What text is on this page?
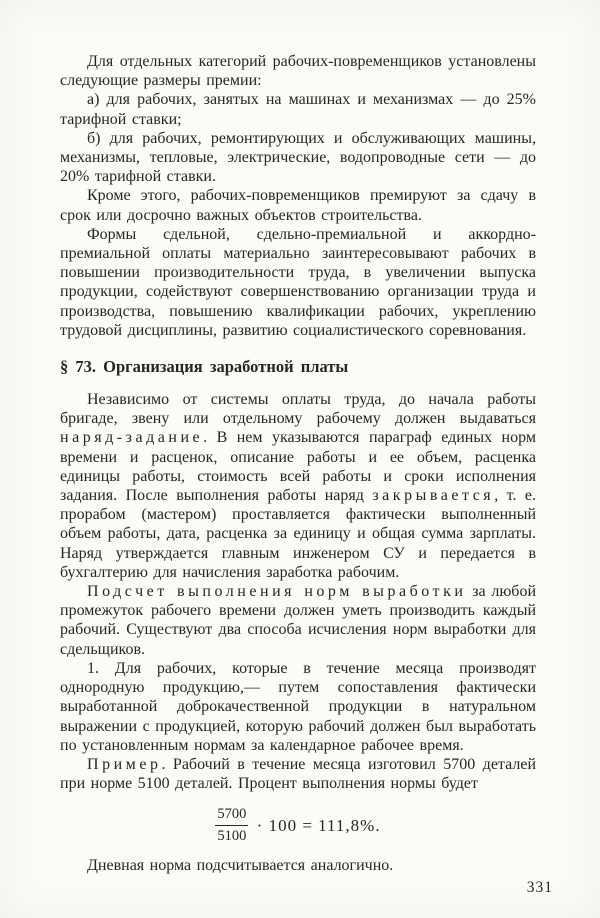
Для отдельных категорий рабочих-повременщиков установлены следующие размеры премии:

а) для рабочих, занятых на машинах и механизмах — до 25% тарифной ставки;

б) для рабочих, ремонтирующих и обслуживающих машины, механизмы, тепловые, электрические, водопроводные сети — до 20% тарифной ставки.

Кроме этого, рабочих-повременщиков премируют за сдачу в срок или досрочно важных объектов строительства.

Формы сдельной, сдельно-премиальной и аккордно-премиальной оплаты материально заинтересовывают рабочих в повышении производительности труда, в увеличении выпуска продукции, содействуют совершенствованию организации труда и производства, повышению квалификации рабочих, укреплению трудовой дисциплины, развитию социалистического соревнования.

§ 73. Организация заработной платы

Независимо от системы оплаты труда, до начала работы бригаде, звену или отдельному рабочему должен выдаваться наряд-задание. В нем указываются параграф единых норм времени и расценок, описание работы и ее объем, расценка единицы работы, стоимость всей работы и сроки исполнения задания. После выполнения работы наряд закрывается, т. е. прорабом (мастером) проставляется фактически выполненный объем работы, дата, расценка за единицу и общая сумма зарплаты. Наряд утверждается главным инженером СУ и передается в бухгалтерию для начисления заработка рабочим.

Подсчет выполнения норм выработки за любой промежуток рабочего времени должен уметь производить каждый рабочий. Существуют два способа исчисления норм выработки для сдельщиков.

1. Для рабочих, которые в течение месяца производят однородную продукцию,— путем сопоставления фактически выработанной доброкачественной продукции в натуральном выражении с продукцией, которую рабочий должен был выработать по установленным нормам за календарное рабочее время.

Пример. Рабочий в течение месяца изготовил 5700 деталей при норме 5100 деталей. Процент выполнения нормы будет

$\frac{5700}{5100} \cdot 100 = 111,8\%$.

Дневная норма подсчитывается аналогично.

331
